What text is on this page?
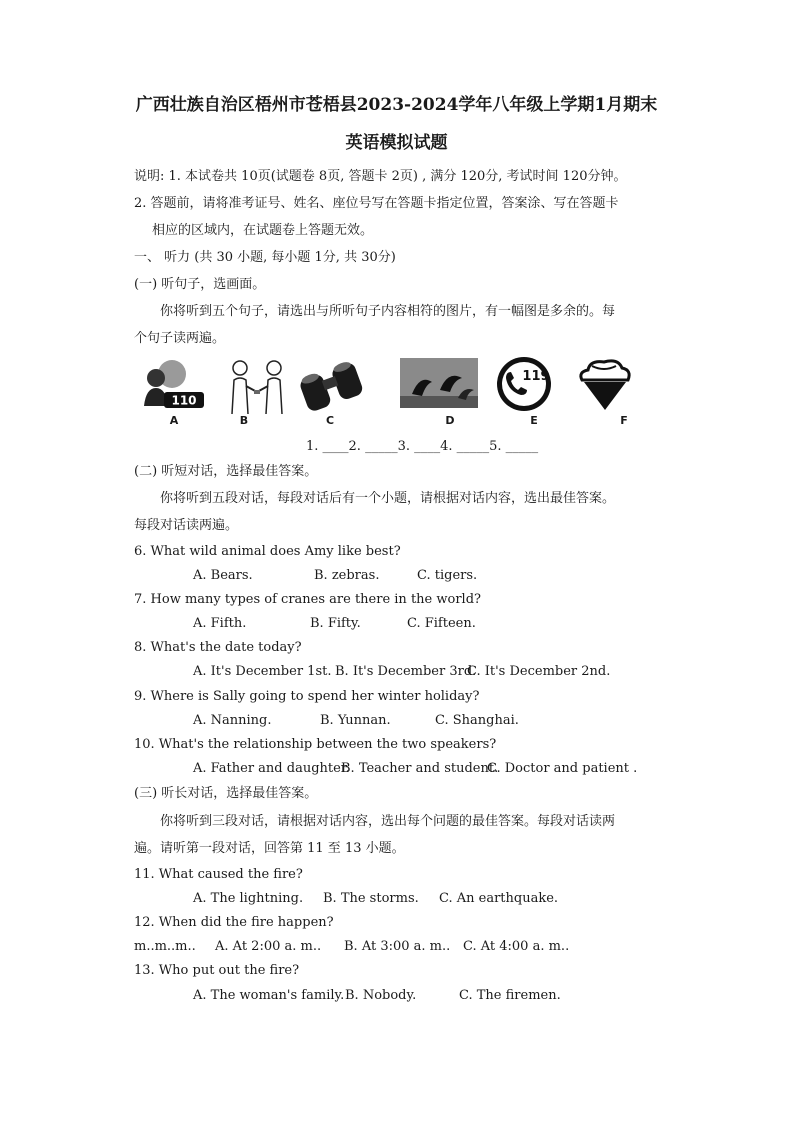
广西壮族自治区梧州市苍梧县2023-2024学年八年级上学期1月期末
英语模拟试题
说明: 1. 本试卷共 10页(试题卷 8页, 答题卡 2页) , 满分 120分, 考试时间 120分钟。
2. 答题前，请将准考证号、姓名、座位号写在答题卡指定位置，答案涂、写在答题卡
相应的区域内，在试题卷上答题无效。
一、 听力 (共 30 小题, 每小题 1分, 共 30分)
(一) 听句子，选画面。
你将听到五个句子，请选出与所听句子内容相符的图片，有一幅图是多余的。每
个句子读两遍。
110
A	B	C	D
119
E	F
1. ____2. _____3. ____4. _____5. _____
(二) 听短对话，选择最佳答案。
你将听到五段对话，每段对话后有一个小题，请根据对话内容，选出最佳答案。
每段对话读两遍。
6. What wild animal does Amy like best?
A. Bears.	B. zebras.	C. tigers.
7. How many types of cranes are there in the world?
A. Fifth.	B. Fifty.	C. Fifteen.
8. What's the date today?
A. It's December 1st. B. It's December 3rd.C. It's December 2nd.
9. Where is Sally going to spend her winter holiday?
A. Nanning.	B. Yunnan.	C. Shanghai.
10. What's the relationship between the two speakers?
A. Father and daughter.B. Teacher and student.C. Doctor and patient .
(三) 听长对话，选择最佳答案。
你将听到三段对话，请根据对话内容，选出每个问题的最佳答案。每段对话读两
遍。请听第一段对话，回答第 11 至 13 小题。
11. What caused the fire?
A. The lightning. B. The storms. C. An earthquake.
12. When did the fire happen?
m..m..m.. A. At 2:00 a. m.. B. At 3:00 a. m.. C. At 4:00 a. m..
13. Who put out the fire?
A. The woman's family.B. Nobody.	C. The firemen.
